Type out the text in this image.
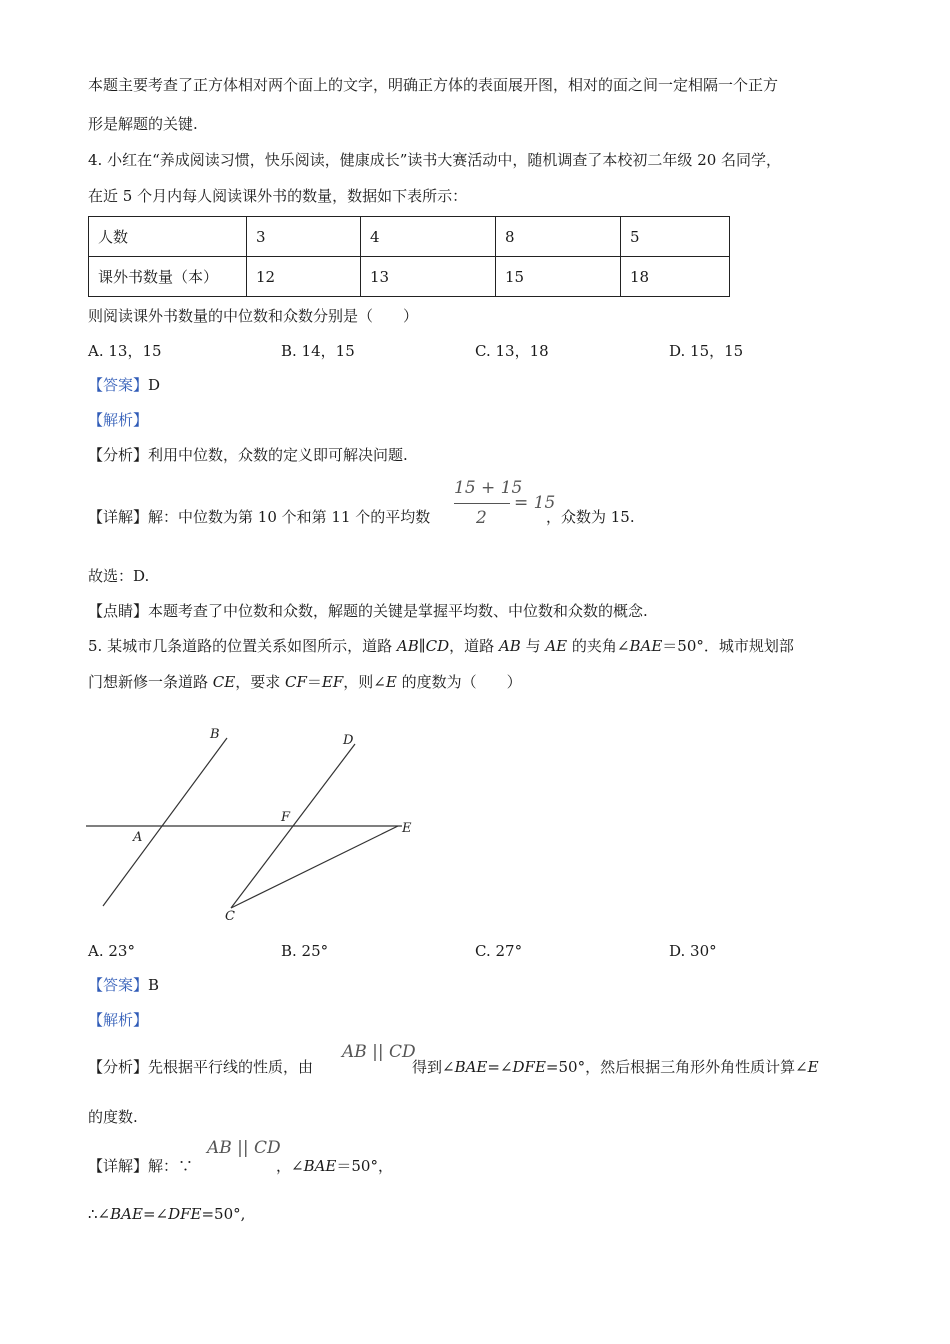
本题主要考查了正方体相对两个面上的文字，明确正方体的表面展开图，相对的面之间一定相隔一个正方
形是解题的关键.
4. 小红在“养成阅读习惯，快乐阅读，健康成长”读书大赛活动中，随机调查了本校初二年级 20 名同学，
在近 5 个月内每人阅读课外书的数量，数据如下表所示：
人数	3	4	8	5
课外书数量（本）	12	13	15	18
则阅读课外书数量的中位数和众数分别是（　　）
A. 13，15	B. 14，15	C. 13，18	D. 15，15
【答案】D
【解析】
【分析】利用中位数，众数的定义即可解决问题.
【详解】解：中位数为第 10 个和第 11 个的平均数
15 + 15
2
= 15
，众数为 15.
故选：D.
【点睛】本题考查了中位数和众数，解题的关键是掌握平均数、中位数和众数的概念.
5. 某城市几条道路的位置关系如图所示，道路 AB∥CD，道路 AB 与 AE 的夹角∠BAE＝50°．城市规划部
门想新修一条道路 CE，要求 CF＝EF，则∠E 的度数为（　　）
B	D
A
F
E
C
A. 23°	B. 25°	C. 27°	D. 30°
【答案】B
【解析】
【分析】先根据平行线的性质，由
AB || CD
得到∠BAE=∠DFE=50°，然后根据三角形外角性质计算∠E
的度数.
【详解】解：∵
AB || CD
，∠BAE＝50°，
∴∠BAE=∠DFE=50°,
